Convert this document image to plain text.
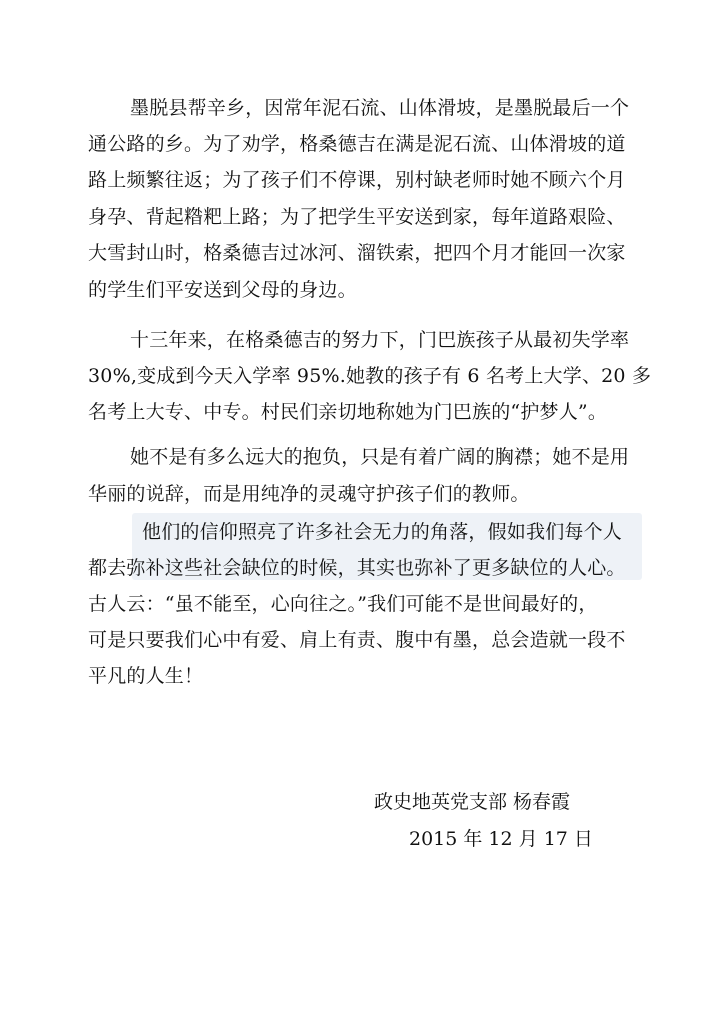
墨脱县帮辛乡，因常年泥石流、山体滑坡，是墨脱最后一个
通公路的乡。为了劝学，格桑德吉在满是泥石流、山体滑坡的道
路上频繁往返；为了孩子们不停课，别村缺老师时她不顾六个月
身孕、背起糌粑上路；为了把学生平安送到家，每年道路艰险、
大雪封山时，格桑德吉过冰河、溜铁索，把四个月才能回一次家
的学生们平安送到父母的身边。
十三年来，在格桑德吉的努力下，门巴族孩子从最初失学率
30%,变成到今天入学率 95%.她教的孩子有 6 名考上大学、20 多
名考上大专、中专。村民们亲切地称她为门巴族的“护梦人”。
她不是有多么远大的抱负，只是有着广阔的胸襟；她不是用
华丽的说辞，而是用纯净的灵魂守护孩子们的教师。
他们的信仰照亮了许多社会无力的角落，假如我们每个人
都去弥补这些社会缺位的时候，其实也弥补了更多缺位的人心。
古人云：“虽不能至，心向往之。”我们可能不是世间最好的，
可是只要我们心中有爱、肩上有责、腹中有墨，总会造就一段不
平凡的人生！
政史地英党支部 杨春霞
2015 年 12 月 17 日
